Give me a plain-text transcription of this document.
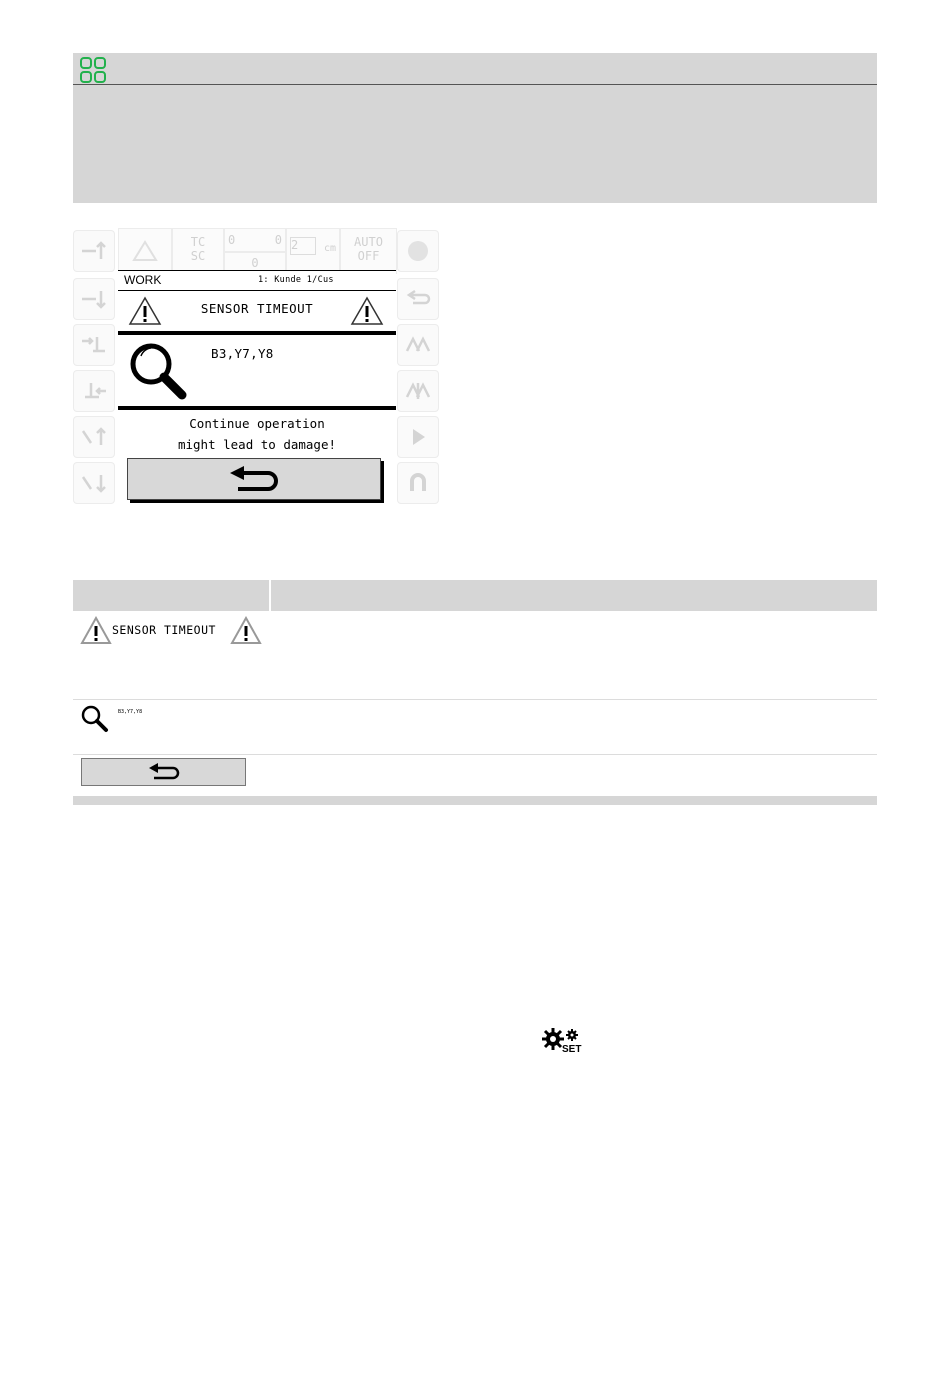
TC
SC
0	0
0
2	cm	AUTO
OFF
WORK	1: Kunde 1/Cus
SENSOR TIMEOUT
B3,Y7,Y8
Continue operation
might lead to damage!
SENSOR TIMEOUT
B3,Y7,Y8
SET
